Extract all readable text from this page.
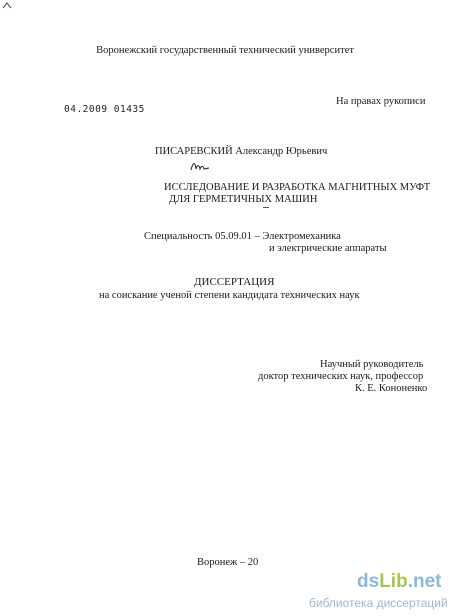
Воронежский государственный технический университет
04.2009 01435
На правах рукописи
ПИСАРЕВСКИЙ Александр Юрьевич
ИССЛЕДОВАНИЕ И РАЗРАБОТКА МАГНИТНЫХ МУФТ
ДЛЯ ГЕРМЕТИЧНЫХ МАШИН
Специальность 05.09.01 – Электромеханика
и электрические аппараты
ДИССЕРТАЦИЯ
на соискание ученой степени кандидата технических наук
Научный руководитель
доктор технических наук, профессор
К. Е. Кононенко
Воронеж – 20
dsLib.net
библиотека диссертаций
